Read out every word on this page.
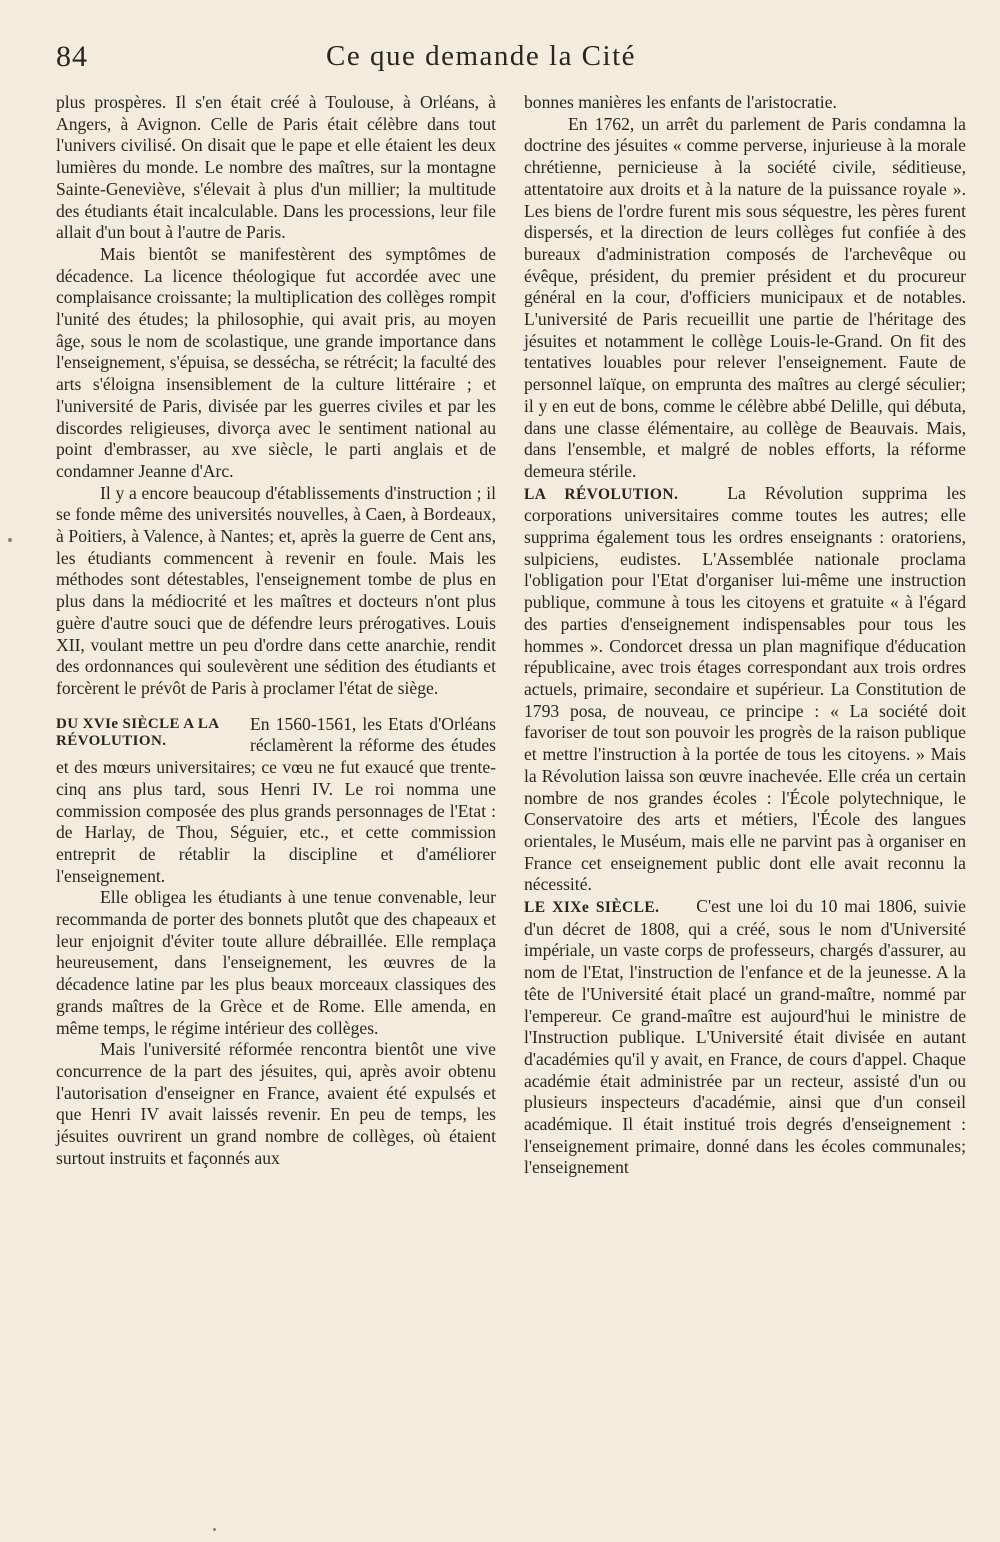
84	Ce que demande la Cité

plus prospères. Il s'en était créé à Toulouse, à Orléans, à Angers, à Avignon. Celle de Paris était célèbre dans tout l'univers civilisé. On disait que le pape et elle étaient les deux lumières du monde. Le nombre des maîtres, sur la montagne Sainte-Geneviève, s'élevait à plus d'un millier; la multitude des étudiants était incalculable. Dans les processions, leur file allait d'un bout à l'autre de Paris.

Mais bientôt se manifestèrent des symptômes de décadence. La licence théologique fut accordée avec une complaisance croissante; la multiplication des collèges rompit l'unité des études; la philosophie, qui avait pris, au moyen âge, sous le nom de scolastique, une grande importance dans l'enseignement, s'épuisa, se dessécha, se rétrécit; la faculté des arts s'éloigna insensiblement de la culture littéraire ; et l'université de Paris, divisée par les guerres civiles et par les discordes religieuses, divorça avec le sentiment national au point d'embrasser, au xve siècle, le parti anglais et de condamner Jeanne d'Arc.

Il y a encore beaucoup d'établissements d'instruction ; il se fonde même des universités nouvelles, à Caen, à Bordeaux, à Poitiers, à Valence, à Nantes; et, après la guerre de Cent ans, les étudiants commencent à revenir en foule. Mais les méthodes sont détestables, l'enseignement tombe de plus en plus dans la médiocrité et les maîtres et docteurs n'ont plus guère d'autre souci que de défendre leurs prérogatives. Louis XII, voulant mettre un peu d'ordre dans cette anarchie, rendit des ordonnances qui soulevèrent une sédition des étudiants et forcèrent le prévôt de Paris à proclamer l'état de siège.

DU XVIe SIÈCLE A LA RÉVOLUTION.

En 1560-1561, les Etats d'Orléans réclamèrent la réforme des études et des mœurs universitaires; ce vœu ne fut exaucé que trente-cinq ans plus tard, sous Henri IV. Le roi nomma une commission composée des plus grands personnages de l'Etat : de Harlay, de Thou, Séguier, etc., et cette commission entreprit de rétablir la discipline et d'améliorer l'enseignement.

Elle obligea les étudiants à une tenue convenable, leur recommanda de porter des bonnets plutôt que des chapeaux et leur enjoignit d'éviter toute allure débraillée. Elle remplaça heureusement, dans l'enseignement, les œuvres de la décadence latine par les plus beaux morceaux classiques des grands maîtres de la Grèce et de Rome. Elle amenda, en même temps, le régime intérieur des collèges.

Mais l'université réformée rencontra bientôt une vive concurrence de la part des jésuites, qui, après avoir obtenu l'autorisation d'enseigner en France, avaient été expulsés et que Henri IV avait laissés revenir. En peu de temps, les jésuites ouvrirent un grand nombre de collèges, où étaient surtout instruits et façonnés aux

bonnes manières les enfants de l'aristocratie.

En 1762, un arrêt du parlement de Paris condamna la doctrine des jésuites « comme perverse, injurieuse à la morale chrétienne, pernicieuse à la société civile, séditieuse, attentatoire aux droits et à la nature de la puissance royale ». Les biens de l'ordre furent mis sous séquestre, les pères furent dispersés, et la direction de leurs collèges fut confiée à des bureaux d'administration composés de l'archevêque ou évêque, président, du premier président et du procureur général en la cour, d'officiers municipaux et de notables. L'université de Paris recueillit une partie de l'héritage des jésuites et notamment le collège Louis-le-Grand. On fit des tentatives louables pour relever l'enseignement. Faute de personnel laïque, on emprunta des maîtres au clergé séculier; il y en eut de bons, comme le célèbre abbé Delille, qui débuta, dans une classe élémentaire, au collège de Beauvais. Mais, dans l'ensemble, et malgré de nobles efforts, la réforme demeura stérile.

LA RÉVOLUTION.	La Révolution supprima les corporations universitaires comme toutes les autres; elle supprima également tous les ordres enseignants : oratoriens, sulpiciens, eudistes. L'Assemblée nationale proclama l'obligation pour l'Etat d'organiser lui-même une instruction publique, commune à tous les citoyens et gratuite « à l'égard des parties d'enseignement indispensables pour tous les hommes ». Condorcet dressa un plan magnifique d'éducation républicaine, avec trois étages correspondant aux trois ordres actuels, primaire, secondaire et supérieur. La Constitution de 1793 posa, de nouveau, ce principe : « La société doit favoriser de tout son pouvoir les progrès de la raison publique et mettre l'instruction à la portée de tous les citoyens. » Mais la Révolution laissa son œuvre inachevée. Elle créa un certain nombre de nos grandes écoles : l'École polytechnique, le Conservatoire des arts et métiers, l'École des langues orientales, le Muséum, mais elle ne parvint pas à organiser en France cet enseignement public dont elle avait reconnu la nécessité.

LE XIXe SIÈCLE. C'est une loi du 10 mai 1806, suivie d'un décret de 1808, qui a créé, sous le nom d'Université impériale, un vaste corps de professeurs, chargés d'assurer, au nom de l'Etat, l'instruction de l'enfance et de la jeunesse. A la tête de l'Université était placé un grand-maître, nommé par l'empereur. Ce grand-maître est aujourd'hui le ministre de l'Instruction publique. L'Université était divisée en autant d'académies qu'il y avait, en France, de cours d'appel. Chaque académie était administrée par un recteur, assisté d'un ou plusieurs inspecteurs d'académie, ainsi que d'un conseil académique. Il était institué trois degrés d'enseignement : l'enseignement primaire, donné dans les écoles communales; l'enseignement
